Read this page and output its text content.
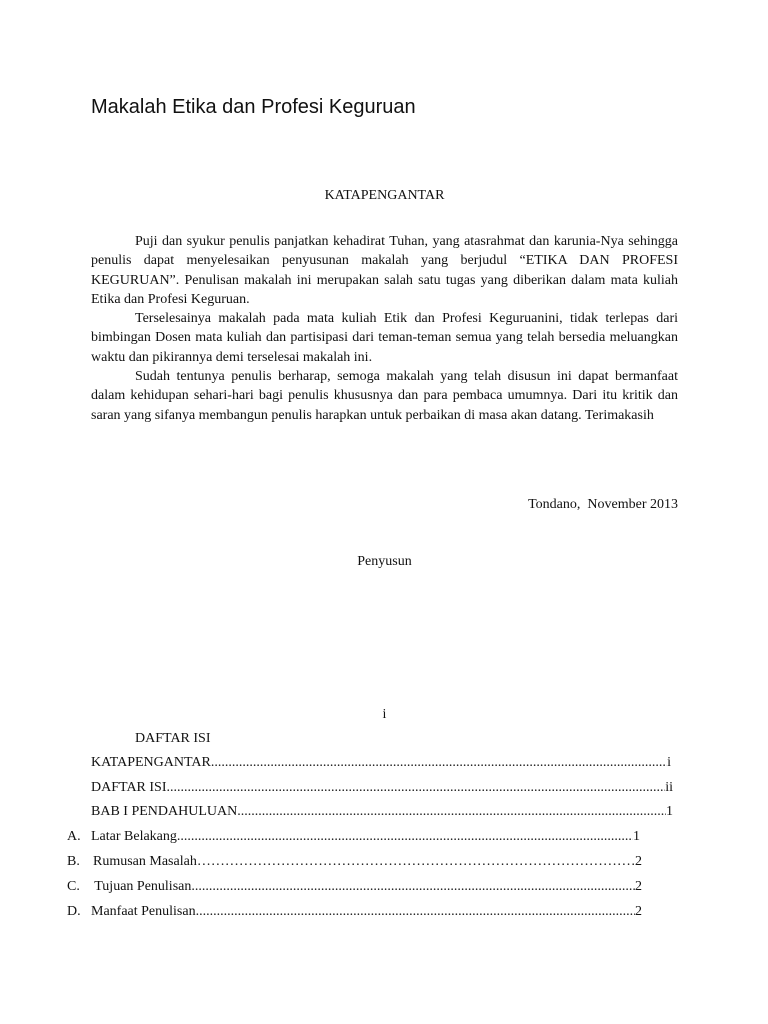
Makalah Etika dan Profesi Keguruan
KATAPENGANTAR

Puji dan syukur penulis panjatkan kehadirat Tuhan, yang atasrahmat dan karunia-Nya sehingga penulis dapat menyelesaikan penyusunan makalah yang berjudul “ETIKA DAN PROFESI KEGURUAN”. Penulisan makalah ini merupakan salah satu tugas yang diberikan dalam mata kuliah Etika dan Profesi Keguruan.

Terselesainya makalah pada mata kuliah Etik dan Profesi Keguruanini, tidak terlepas dari bimbingan Dosen mata kuliah dan partisipasi dari teman-teman semua yang telah bersedia meluangkan waktu dan pikirannya demi terselesai makalah ini.

Sudah tentunya penulis berharap, semoga makalah yang telah disusun ini dapat bermanfaat dalam kehidupan sehari-hari bagi penulis khususnya dan para pembaca umumnya. Dari itu kritik dan saran yang sifanya membangun penulis harapkan untuk perbaikan di masa akan datang. Terimakasih

Tondano,  November 2013
Penyusun
i
DAFTAR ISI
KATAPENGANTAR .....	i
DAFTAR ISI .....	ii
BAB I PENDAHULUAN .....	1
A. Latar Belakang .....	1
B. Rumusan Masalah …………………………………………………………………………………………………………………………………………………………	2
C. Tujuan Penulisan .....	2
D. Manfaat Penulisan .....	2
